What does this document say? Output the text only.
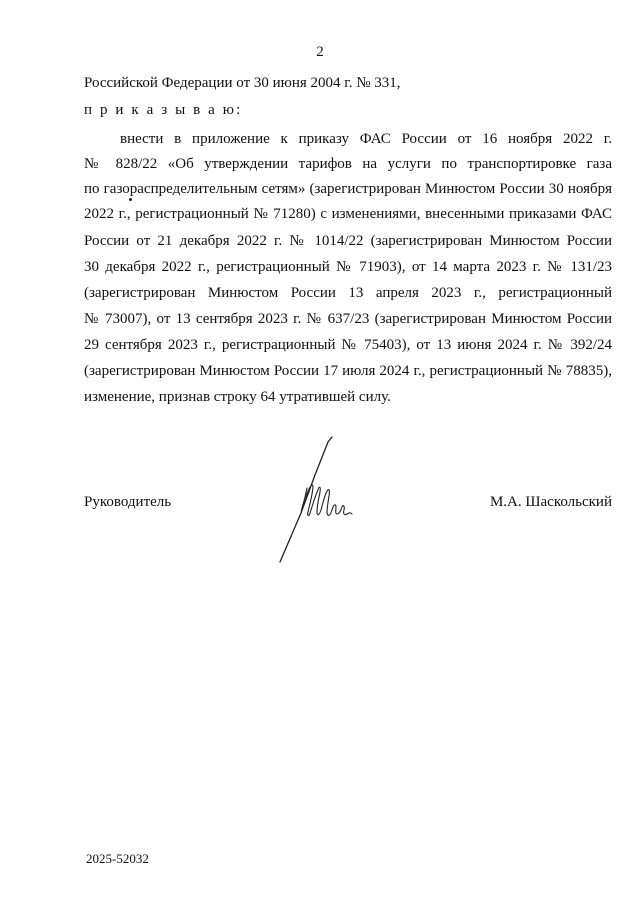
2
Российской Федерации от 30 июня 2004 г. № 331,
п р и к а з ы в а ю:
внести в приложение к приказу ФАС России от 16 ноября 2022 г.
№ 828/22 «Об утверждении тарифов на услуги по транспортировке газа
по газораспределительным сетям» (зарегистрирован Минюстом России 30 ноября
2022 г., регистрационный № 71280) с изменениями, внесенными приказами ФАС
России от 21 декабря 2022 г. № 1014/22 (зарегистрирован Минюстом России
30 декабря 2022 г., регистрационный № 71903), от 14 марта 2023 г. № 131/23
(зарегистрирован Минюстом России 13 апреля 2023 г., регистрационный
№ 73007), от 13 сентября 2023 г. № 637/23 (зарегистрирован Минюстом России
29 сентября 2023 г., регистрационный № 75403), от 13 июня 2024 г. № 392/24
(зарегистрирован Минюстом России 17 июля 2024 г., регистрационный № 78835),
изменение, признав строку 64 утратившей силу.
Руководитель	М.А. Шаскольский
2025-52032
